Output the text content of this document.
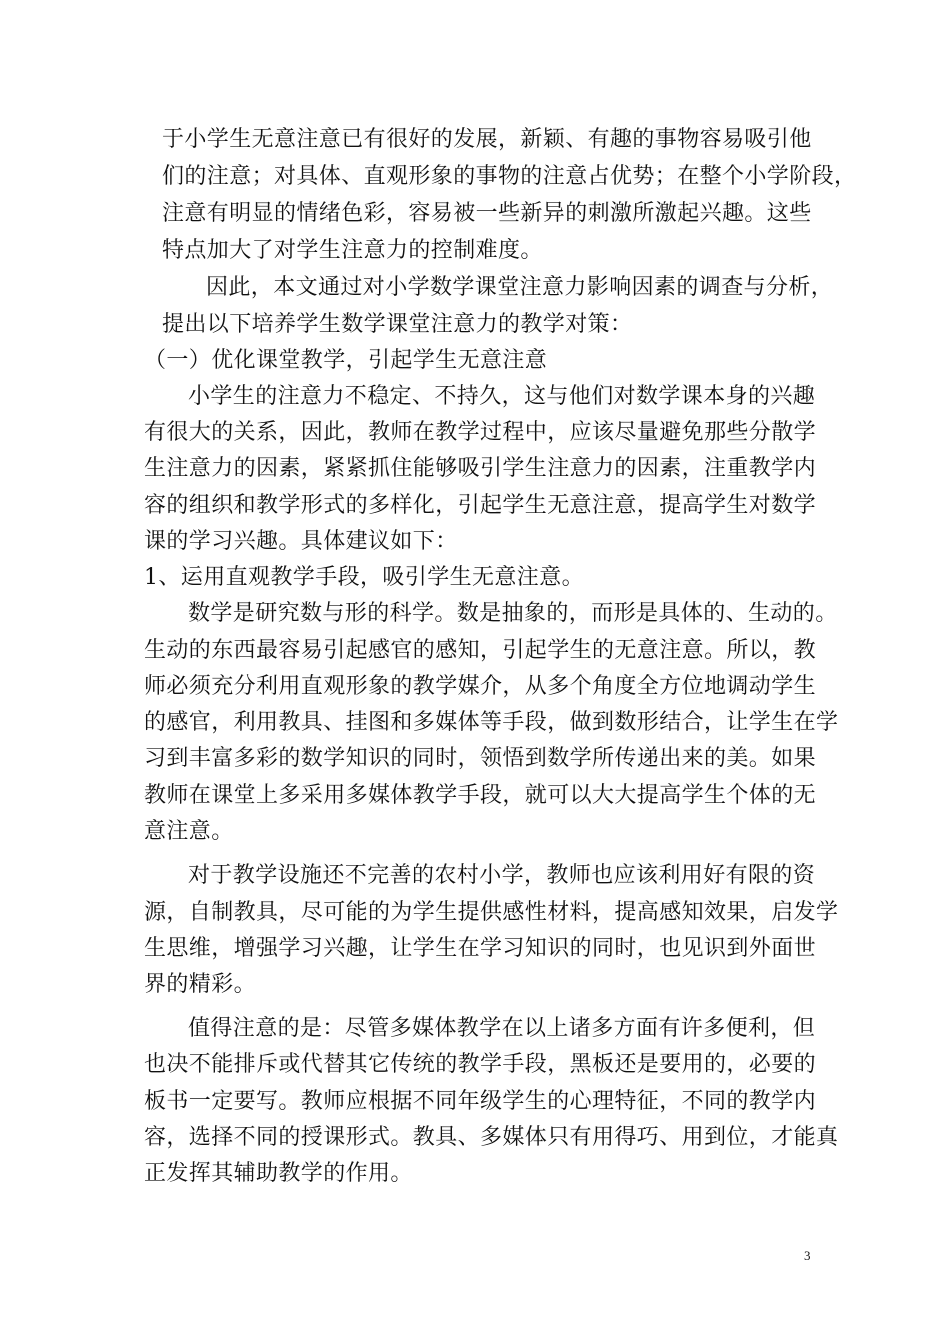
于小学生无意注意已有很好的发展，新颖、有趣的事物容易吸引他
们的注意；对具体、直观形象的事物的注意占优势；在整个小学阶段，
注意有明显的情绪色彩，容易被一些新异的刺激所激起兴趣。这些
特点加大了对学生注意力的控制难度。
因此，本文通过对小学数学课堂注意力影响因素的调查与分析，
提出以下培养学生数学课堂注意力的教学对策：
（一）优化课堂教学，引起学生无意注意
小学生的注意力不稳定、不持久，这与他们对数学课本身的兴趣
有很大的关系，因此，教师在教学过程中，应该尽量避免那些分散学
生注意力的因素，紧紧抓住能够吸引学生注意力的因素，注重教学内
容的组织和教学形式的多样化，引起学生无意注意，提高学生对数学
课的学习兴趣。具体建议如下：
1、运用直观教学手段，吸引学生无意注意。
数学是研究数与形的科学。数是抽象的，而形是具体的、生动的。
生动的东西最容易引起感官的感知，引起学生的无意注意。所以，教
师必须充分利用直观形象的教学媒介，从多个角度全方位地调动学生
的感官，利用教具、挂图和多媒体等手段，做到数形结合，让学生在学
习到丰富多彩的数学知识的同时，领悟到数学所传递出来的美。如果
教师在课堂上多采用多媒体教学手段，就可以大大提高学生个体的无
意注意。
对于教学设施还不完善的农村小学，教师也应该利用好有限的资
源，自制教具，尽可能的为学生提供感性材料，提高感知效果，启发学
生思维，增强学习兴趣，让学生在学习知识的同时，也见识到外面世
界的精彩。
值得注意的是：尽管多媒体教学在以上诸多方面有许多便利，但
也决不能排斥或代替其它传统的教学手段，黑板还是要用的，必要的
板书一定要写。教师应根据不同年级学生的心理特征，不同的教学内
容，选择不同的授课形式。教具、多媒体只有用得巧、用到位，才能真
正发挥其辅助教学的作用。
3
